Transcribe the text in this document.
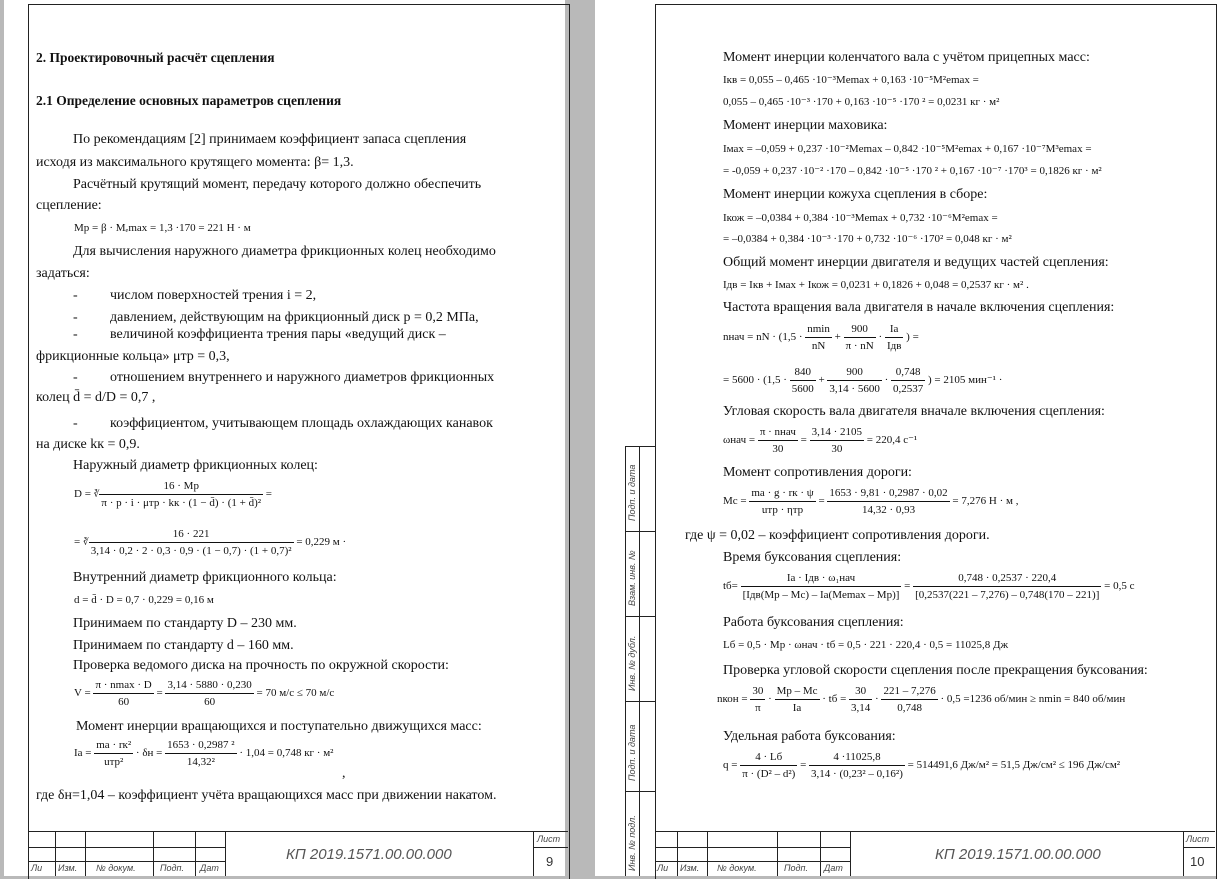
2. Проектировочный расчёт сцепления
2.1 Определение основных параметров сцепления
По рекомендациям [2] принимаем коэффициент запаса сцепления
исходя из максимального крутящего момента: β= 1,3.
Расчётный крутящий момент, передачу которого должно обеспечить
сцепление:
Mр = β · Mₑmax = 1,3 ·170 = 221 Н · м
Для вычисления наружного диаметра фрикционных колец необходимо
задаться:
- числом поверхностей трения i = 2,
- давлением, действующим на фрикционный диск p = 0,2 МПа,
- величиной коэффициента трения пары «ведущий диск –
фрикционные кольца» μтр = 0,3,
- отношением внутреннего и наружного диаметров фрикционных
колец d̄ = d/D = 0,7 ,
- коэффициентом, учитывающем площадь охлаждающих канавок
на диске kк = 0,9.
Наружный диаметр фрикционных колец:
D = ∛
16 · Mр
π · p · i · μтр · kк · (1 − d̄) · (1 + d̄)²
=
= ∛ $\frac{16 \cdot 221}{\text{3,14 · 0,2 · 2 · 0,3 · 0,9 · (1 − 0,7) · (1 + 0,7)²}} = 0,229$ м ·
Внутренний диаметр фрикционного кольца:
d = d̄ · D = 0,7 · 0,229 = 0,16 м
Принимаем по стандарту D – 230 мм.
Принимаем по стандарту d – 160 мм.
Проверка ведомого диска на прочность по окружной скорости:
V =
π · nmax · D
60
= $\frac{3,14 \cdot 5880 \cdot 0,230}{60} = 70$ м/с ≤ 70 м/с
Момент инерции вращающихся и поступательно движущихся масс:
Iа =
mа · rк²
uтр²
· $\delta н = \frac{\text{1653 · 0,2987 ²}}{\text{14,32²}} \cdot 1,04 = 0,748$ кг · м²
,
где δн=1,04 – коэффициент учёта вращающихся масс при движении накатом.
Ли Изм. № докум.	Подп. Дат
КП 2019.1571.00.00.000
Лист
9
Подп. и дата
Взам. инв. №
Инв. № дубл.
Подп. и дата
Инв. № подл.
Момент инерции коленчатого вала с учётом прицепных масс:
Iкв = 0,055 – 0,465 ·10⁻³Mеmax + 0,163 ·10⁻⁵M²еmax =
0,055 – 0,465 ·10⁻³ ·170 + 0,163 ·10⁻⁵ ·170 ² = 0,0231 кг · м²
Момент инерции маховика:
Iмах = –0,059 + 0,237 ·10⁻²Mеmax – 0,842 ·10⁻⁵M²еmax + 0,167 ·10⁻⁷M³еmax =
= -0,059 + 0,237 ·10⁻² ·170 – 0,842 ·10⁻⁵ ·170 ² + 0,167 ·10⁻⁷ ·170³ = 0,1826 кг · м²
Момент инерции кожуха сцепления в сборе:
Iкож = –0,0384 + 0,384 ·10⁻³Mеmax + 0,732 ·10⁻⁶M²еmax =
= –0,0384 + 0,384 ·10⁻³ ·170 + 0,732 ·10⁻⁶ ·170² = 0,048 кг · м²
Общий момент инерции двигателя и ведущих частей сцепления:
Iдв = Iкв + Iмах + Iкож = 0,0231 + 0,1826 + 0,048 = 0,2537 кг · м² .
Частота вращения вала двигателя в начале включения сцепления:
nнач = nN · (1,5 ·
nmin
nN
+ $\frac{900}{\pi \cdot nN}$ ·
Iа
Iдв
) =
= $5600 \cdot (1,5 \cdot \frac{840}{5600} + \frac{900}{3,14 \cdot 5600} \cdot \frac{0,748}{0,2537}$ ) = 2105 мин⁻¹ ·
Угловая скорость вала двигателя вначале включения сцепления:
ωнач =
π · nнач
30
= $\frac{3,14 \cdot 2105}{30} = 220,4$ с⁻¹
Момент сопротивления дороги:
Mc =
mа · g · rк · ψ
uтр · ηтр
= $\frac{1653 \cdot 9,81 \cdot 0,2987 \cdot 0,02}{14,32 \cdot 0,93} = 7,276$ Н · м ,
где ψ = 0,02 – коэффициент сопротивления дороги.
Время буксования сцепления:
tб=
Iа · Iдв · ω₁нач
[Iдв(Mр – Mc) – Iа(Mеmax – Mр)]
= $\frac{0,748 \cdot 0,2537 \cdot 220,4}{[0,2537(221 - 7,276) - 0,748(170 - 221)]} = 0,5$ с
Работа буксования сцепления:
Lб = 0,5 · Mр · ωнач · tб = 0,5 · 221 · 220,4 · 0,5 = 11025,8 Дж
Проверка угловой скорости сцепления после прекращения буксования:
nкон = $\frac{30}{\pi}$ ·
Mр – Mc
Iа
· tб = $\frac{30}{3,14} \cdot \frac{221 - 7,276}{0,748} \cdot 0,5 =1236$ об/мин ≥ nmin = 840 об/мин
Удельная работа буксования:
q =
4 · Lб
π · (D² – d²)
= $\frac{4 \cdot 11025,8}{\text{3,14 · (0,23² – 0,16²)}} = 514491,6$ Дж/м² = 51,5 Дж/см² ≤ 196 Дж/см²
Ли Изм. № докум.	Подп. Дат
КП 2019.1571.00.00.000
Лист
10
